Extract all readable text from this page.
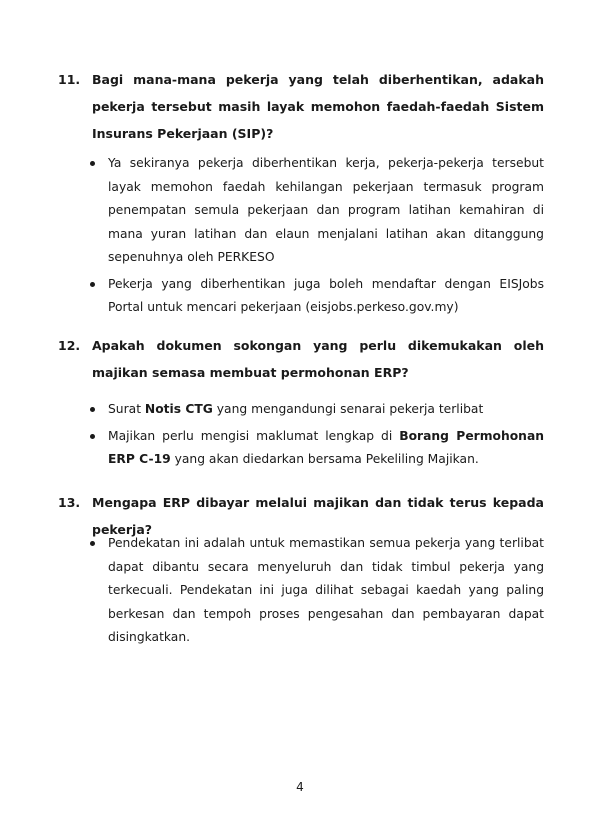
11. Bagi mana-mana pekerja yang telah diberhentikan, adakah pekerja tersebut masih layak memohon faedah-faedah Sistem Insurans Pekerjaan (SIP)?
Ya sekiranya pekerja diberhentikan kerja, pekerja-pekerja tersebut layak memohon faedah kehilangan pekerjaan termasuk program penempatan semula pekerjaan dan program latihan kemahiran di mana yuran latihan dan elaun menjalani latihan akan ditanggung sepenuhnya oleh PERKESO
Pekerja yang diberhentikan juga boleh mendaftar dengan EISJobs Portal untuk mencari pekerjaan (eisjobs.perkeso.gov.my)
12. Apakah dokumen sokongan yang perlu dikemukakan oleh majikan semasa membuat permohonan ERP?
Surat Notis CTG yang mengandungi senarai pekerja terlibat
Majikan perlu mengisi maklumat lengkap di Borang Permohonan ERP C-19 yang akan diedarkan bersama Pekeliling Majikan.
13. Mengapa ERP dibayar melalui majikan dan tidak terus kepada pekerja?
Pendekatan ini adalah untuk memastikan semua pekerja yang terlibat dapat dibantu secara menyeluruh dan tidak timbul pekerja yang terkecuali. Pendekatan ini juga dilihat sebagai kaedah yang paling berkesan dan tempoh proses pengesahan dan pembayaran dapat disingkatkan.
4
